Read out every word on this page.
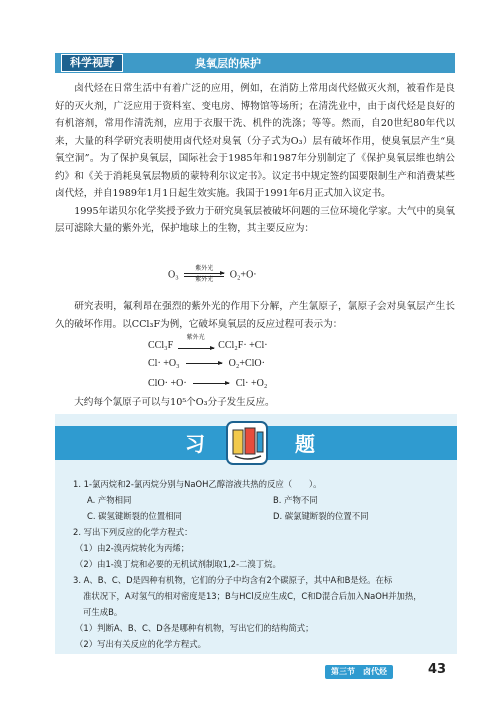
科学视野	臭氧层的保护

卤代烃在日常生活中有着广泛的应用，例如，在消防上常用卤代烃做灭火剂，被看作是良好的灭火剂，广泛应用于资料室、变电房、博物馆等场所；在清洗业中，由于卤代烃是良好的有机溶剂，常用作清洗剂，应用于衣服干洗、机件的洗涤；等等。然而，自20世纪80年代以来，大量的科学研究表明使用卤代烃对臭氧（分子式为O₃）层有破坏作用，使臭氧层产生“臭氧空洞”。为了保护臭氧层，国际社会于1985年和1987年分别制定了《保护臭氧层维也纳公约》和《关于消耗臭氧层物质的蒙特利尔议定书》。议定书中规定签约国要限制生产和消费某些卤代烃，并自1989年1月1日起生效实施。我国于1991年6月正式加入议定书。

1995年诺贝尔化学奖授予致力于研究臭氧层被破坏问题的三位环境化学家。大气中的臭氧层可滤除大量的紫外光，保护地球上的生物，其主要反应为：

O₃
紫外光
紫外光	O₂+O·

研究表明，氟利昂在强烈的紫外光的作用下分解，产生氯原子，氯原子会对臭氧层产生长久的破坏作用。以CCl₃F为例，它破坏臭氧层的反应过程可表示为：

CCl₃F
紫外光
CCl₂F· +Cl·
Cl· +O₃	O₂+ClO·
ClO· +O·	Cl· +O₂

大约每个氯原子可以与10⁵个O₃分子发生反应。

习	题
1. 1-氯丙烷和2-氯丙烷分别与NaOH乙醇溶液共热的反应（　　）。
A. 产物相同	B. 产物不同
C. 碳氢键断裂的位置相同	D. 碳氯键断裂的位置不同
2. 写出下列反应的化学方程式：
（1）由2-溴丙烷转化为丙烯；
（2）由1-溴丁烷和必要的无机试剂制取1,2-二溴丁烷。
3. A、B、C、D是四种有机物，它们的分子中均含有2个碳原子，其中A和B是烃。在标
准状况下，A对氢气的相对密度是13；B与HCl反应生成C，C和D混合后加入NaOH并加热，
可生成B。
（1）判断A、B、C、D各是哪种有机物，写出它们的结构简式；
（2）写出有关反应的化学方程式。
第三节　卤代烃	43
